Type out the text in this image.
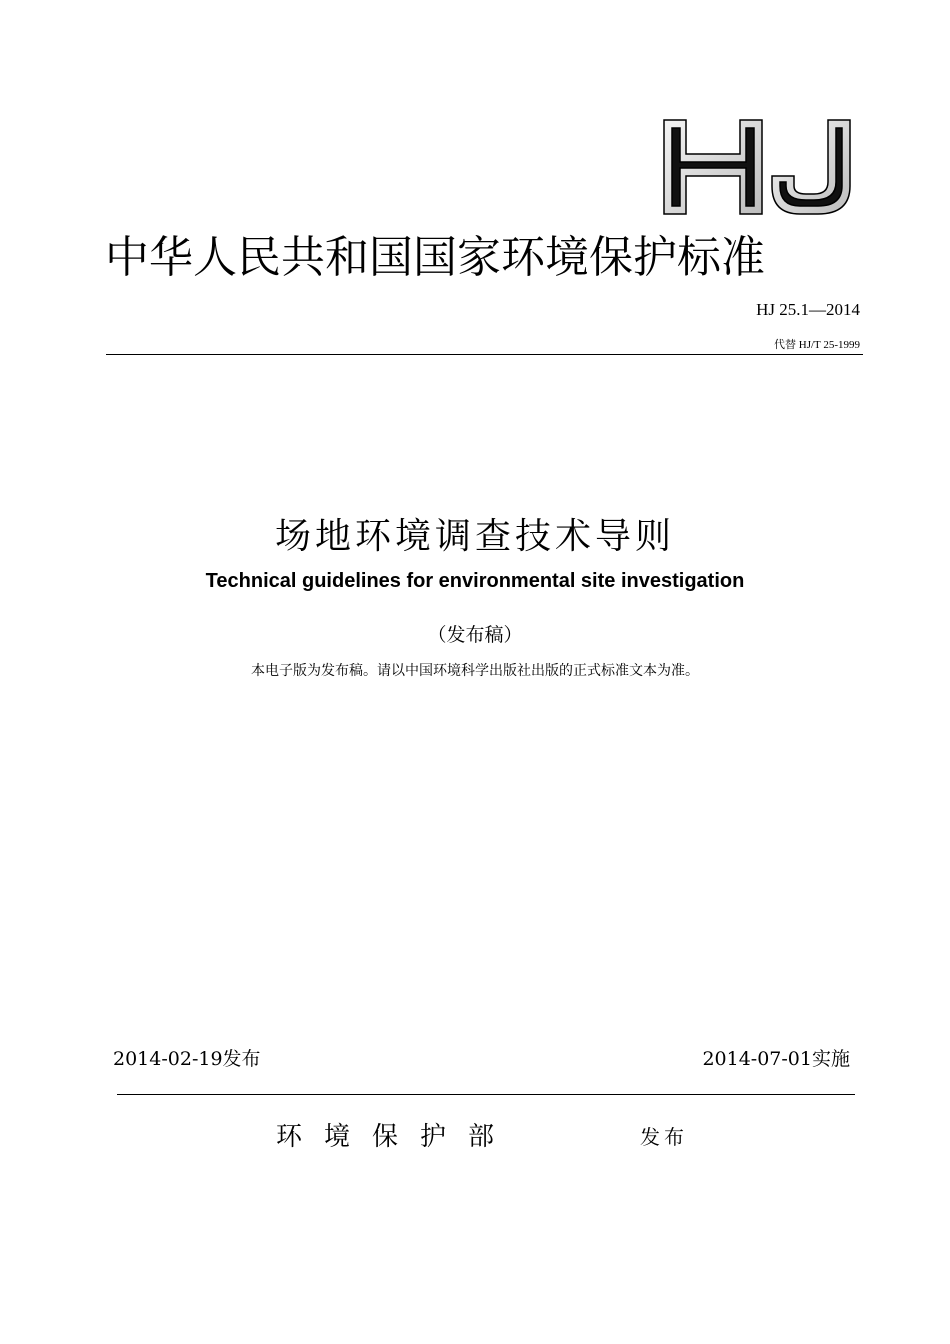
中华人民共和国国家环境保护标准
HJ 25.1—2014
代替 HJ/T 25-1999
场地环境调查技术导则
Technical guidelines for environmental site investigation
（发布稿）
本电子版为发布稿。请以中国环境科学出版社出版的正式标准文本为准。
2014-02-19发布	2014-07-01实施
环境保护部	发布
